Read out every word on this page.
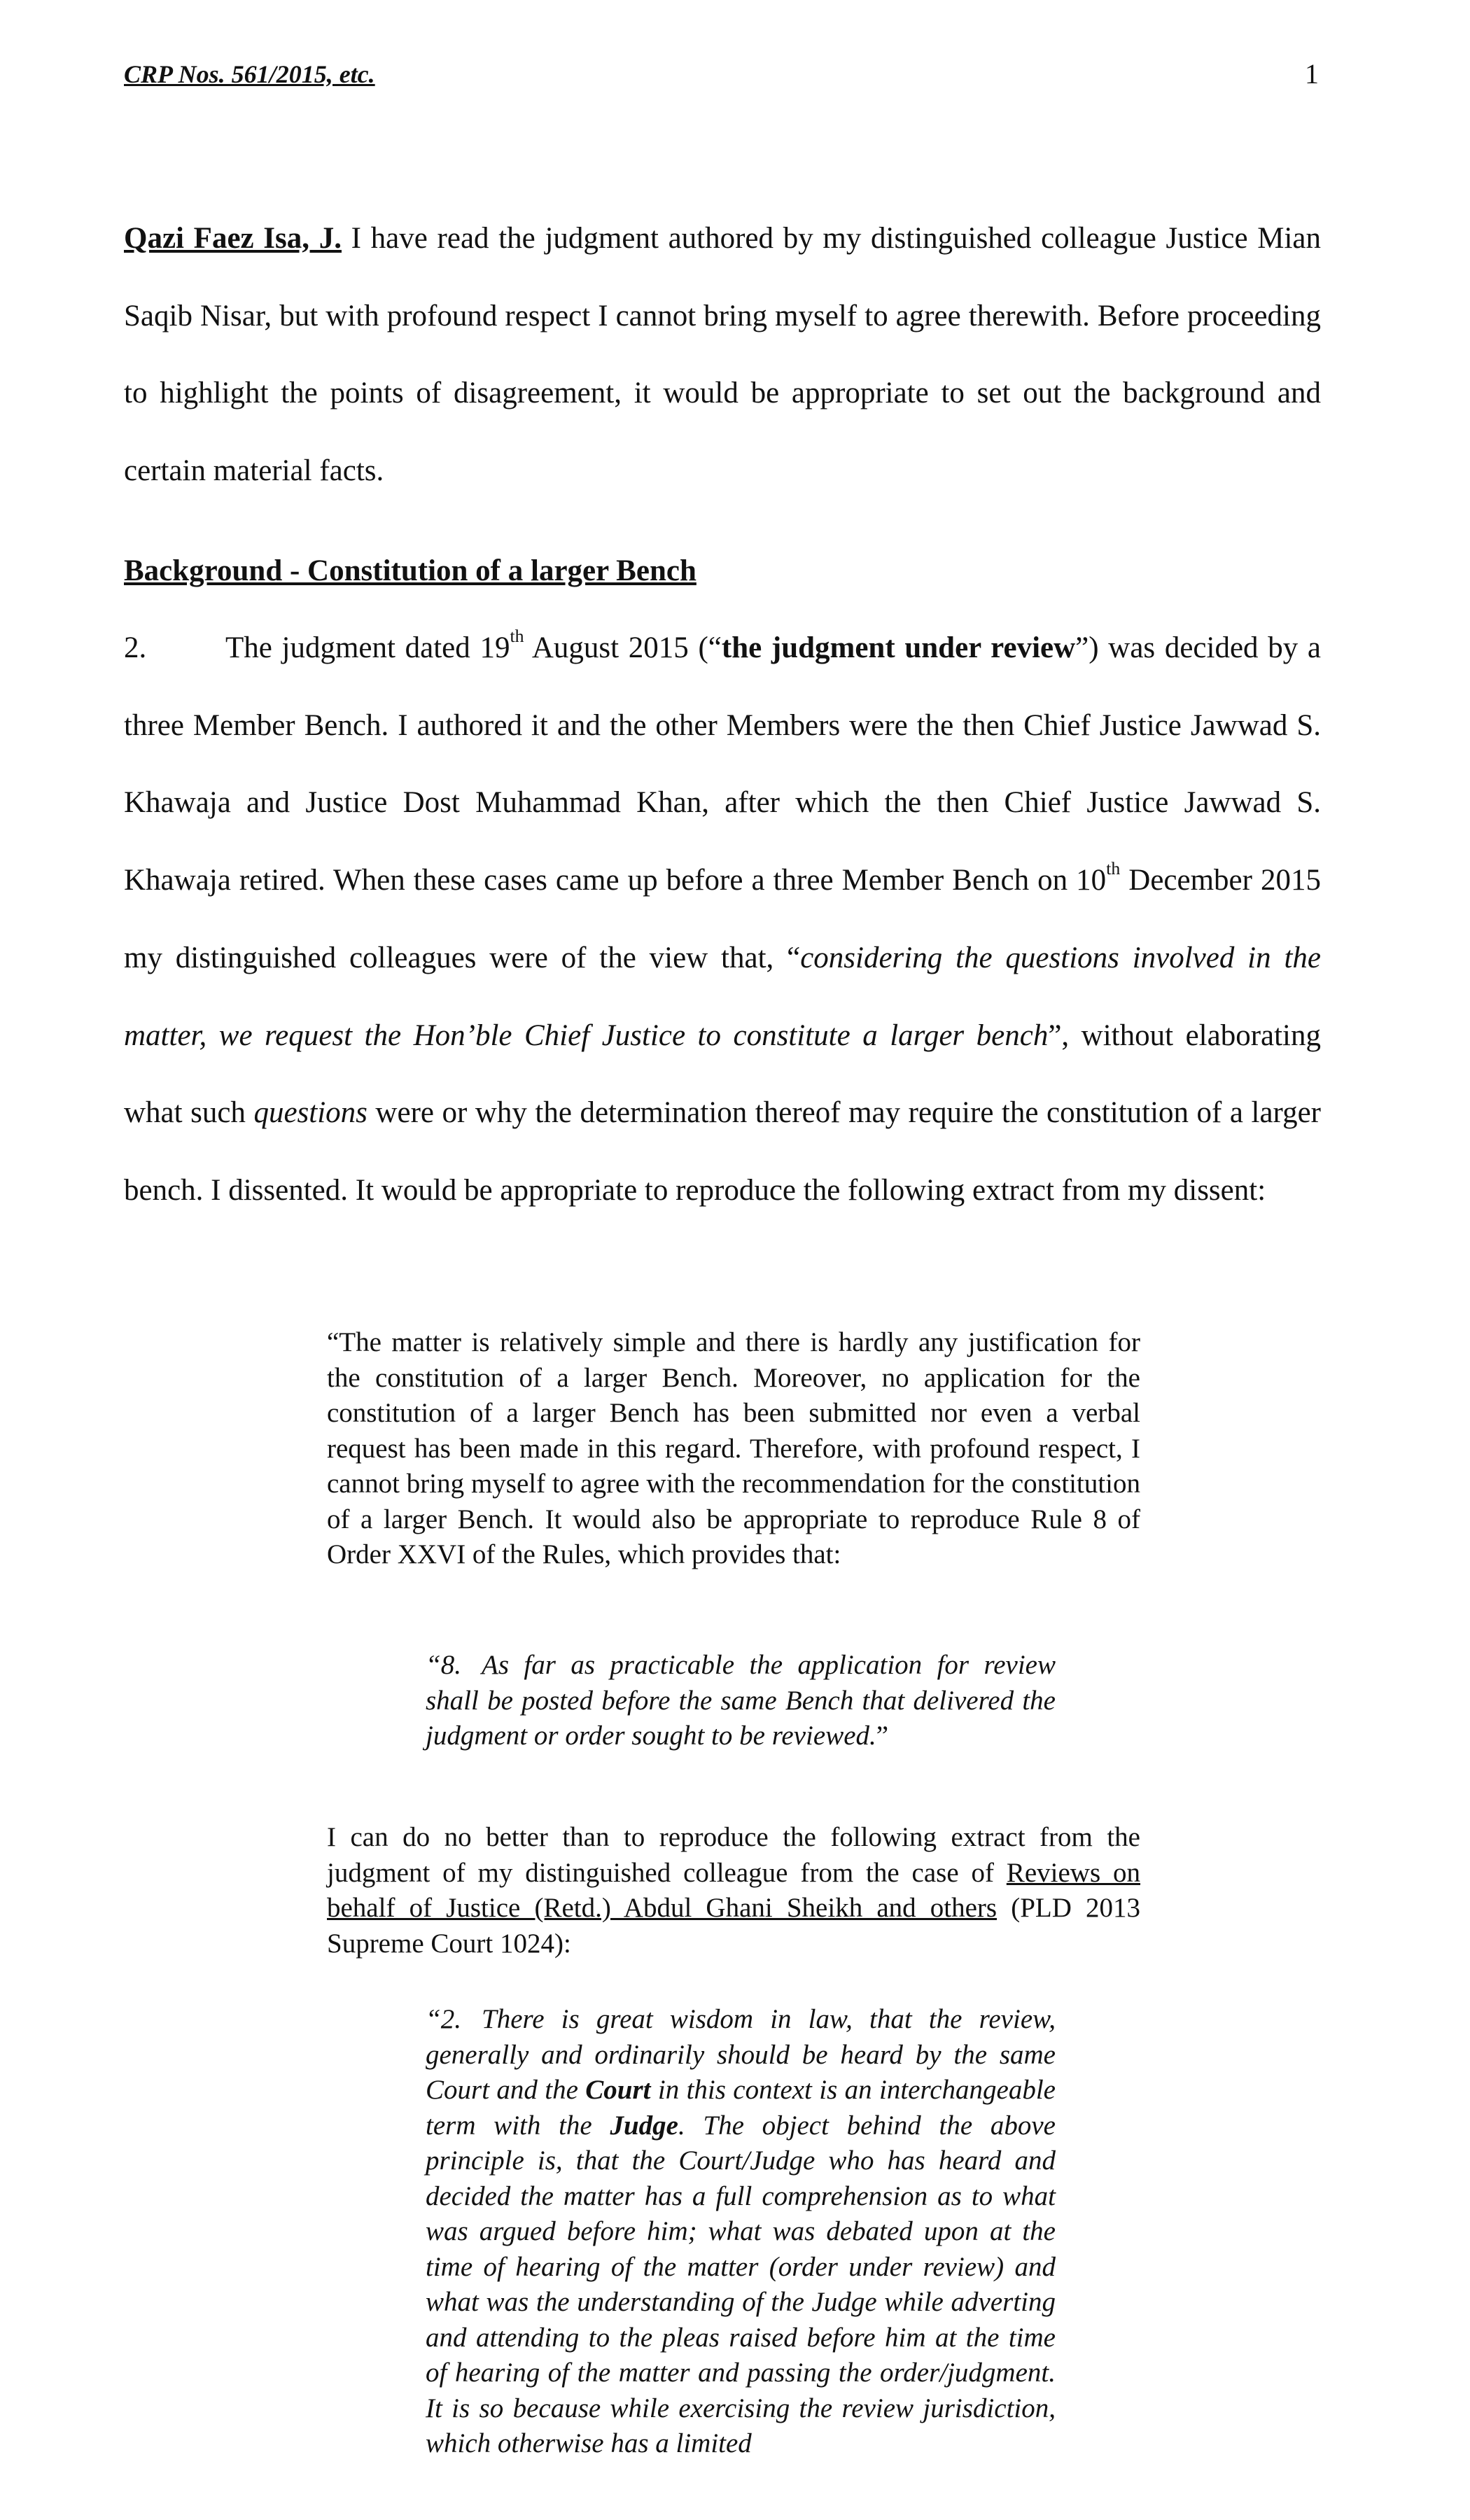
CRP Nos. 561/2015, etc.	1
Qazi Faez Isa, J. I have read the judgment authored by my distinguished colleague Justice Mian Saqib Nisar, but with profound respect I cannot bring myself to agree therewith. Before proceeding to highlight the points of disagreement, it would be appropriate to set out the background and certain material facts.
Background - Constitution of a larger Bench
2.	The judgment dated 19th August 2015 (“the judgment under review”) was decided by a three Member Bench. I authored it and the other Members were the then Chief Justice Jawwad S. Khawaja and Justice Dost Muhammad Khan, after which the then Chief Justice Jawwad S. Khawaja retired. When these cases came up before a three Member Bench on 10th December 2015 my distinguished colleagues were of the view that, “considering the questions involved in the matter, we request the Hon’ble Chief Justice to constitute a larger bench”, without elaborating what such questions were or why the determination thereof may require the constitution of a larger bench. I dissented. It would be appropriate to reproduce the following extract from my dissent:
“The matter is relatively simple and there is hardly any justification for the constitution of a larger Bench. Moreover, no application for the constitution of a larger Bench has been submitted nor even a verbal request has been made in this regard. Therefore, with profound respect, I cannot bring myself to agree with the recommendation for the constitution of a larger Bench. It would also be appropriate to reproduce Rule 8 of Order XXVI of the Rules, which provides that:
“8. As far as practicable the application for review shall be posted before the same Bench that delivered the judgment or order sought to be reviewed.”
I can do no better than to reproduce the following extract from the judgment of my distinguished colleague from the case of Reviews on behalf of Justice (Retd.) Abdul Ghani Sheikh and others (PLD 2013 Supreme Court 1024):
“2. There is great wisdom in law, that the review, generally and ordinarily should be heard by the same Court and the Court in this context is an interchangeable term with the Judge. The object behind the above principle is, that the Court/Judge who has heard and decided the matter has a full comprehension as to what was argued before him; what was debated upon at the time of hearing of the matter (order under review) and what was the understanding of the Judge while adverting and attending to the pleas raised before him at the time of hearing of the matter and passing the order/judgment. It is so because while exercising the review jurisdiction, which otherwise has a limited
